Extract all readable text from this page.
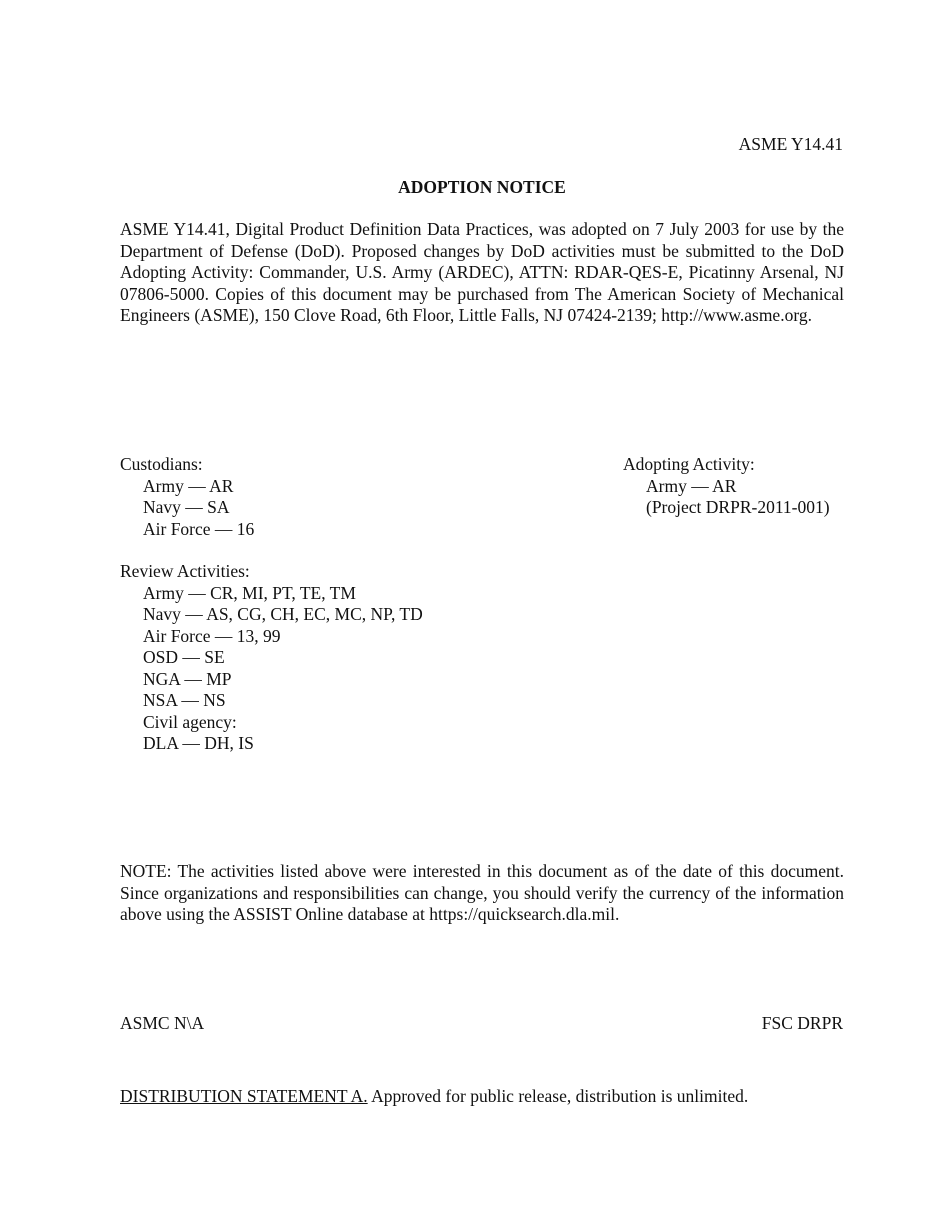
ASME Y14.41
ADOPTION NOTICE
ASME Y14.41, Digital Product Definition Data Practices, was adopted on 7 July 2003 for use by the Department of Defense (DoD). Proposed changes by DoD activities must be submitted to the DoD Adopting Activity: Commander, U.S. Army (ARDEC), ATTN: RDAR-QES-E, Picatinny Arsenal, NJ 07806-5000. Copies of this document may be purchased from The American Society of Mechanical Engineers (ASME), 150 Clove Road, 6th Floor, Little Falls, NJ 07424-2139; http://www.asme.org.
Custodians:
Army — AR
Navy — SA
Air Force — 16
Adopting Activity:
Army — AR
(Project DRPR-2011-001)
Review Activities:
Army — CR, MI, PT, TE, TM
Navy — AS, CG, CH, EC, MC, NP, TD
Air Force — 13, 99
OSD — SE
NGA — MP
NSA — NS
Civil agency:
DLA — DH, IS
NOTE: The activities listed above were interested in this document as of the date of this document. Since organizations and responsibilities can change, you should verify the currency of the information above using the ASSIST Online database at https://quicksearch.dla.mil.
ASMC N\A	FSC DRPR
DISTRIBUTION STATEMENT A. Approved for public release, distribution is unlimited.
